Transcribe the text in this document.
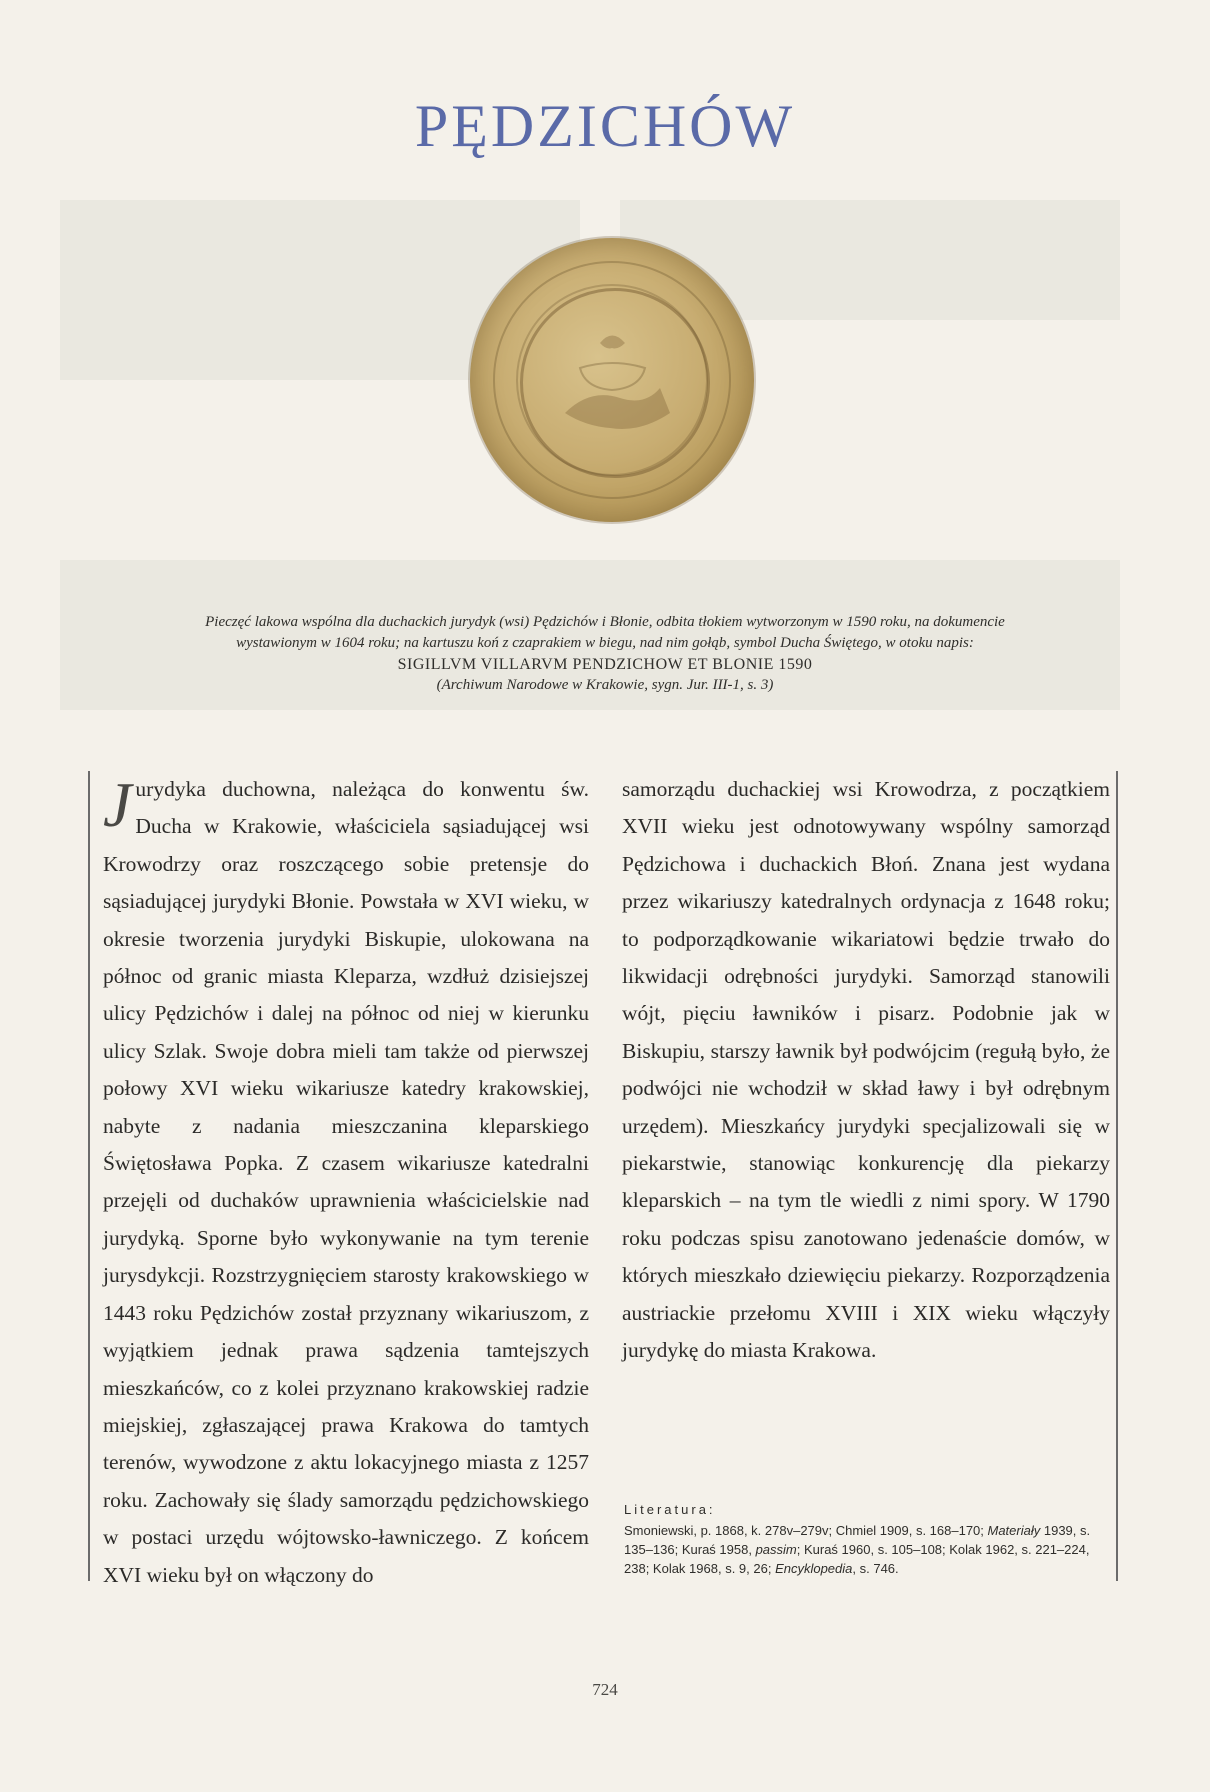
PĘDZICHÓW
Pieczęć lakowa wspólna dla duchackich jurydyk (wsi) Pędzichów i Błonie, odbita tłokiem wytworzonym w 1590 roku, na dokumencie
wystawionym w 1604 roku; na kartuszu koń z czaprakiem w biegu, nad nim gołąb, symbol Ducha Świętego, w otoku napis:
SIGILLVM VILLARVM PENDZICHOW ET BLONIE 1590
(Archiwum Narodowe w Krakowie, sygn. Jur. III-1, s. 3)
Jurydyka duchowna, należąca do konwentu św. Ducha w Krakowie, właściciela sąsiadującej wsi Krowodrzy oraz roszczącego sobie pretensje do sąsiadującej jurydyki Błonie. Powstała w XVI wieku, w okresie tworzenia jurydyki Biskupie, ulokowana na północ od granic miasta Kleparza, wzdłuż dzisiejszej ulicy Pędzichów i dalej na północ od niej w kierunku ulicy Szlak. Swoje dobra mieli tam także od pierwszej połowy XVI wieku wikariusze katedry krakowskiej, nabyte z nadania mieszczanina kleparskiego Świętosława Popka. Z czasem wikariusze katedralni przejęli od duchaków uprawnienia właścicielskie nad jurydyką. Sporne było wykonywanie na tym terenie jurysdykcji. Rozstrzygnięciem starosty krakowskiego w 1443 roku Pędzichów został przyznany wikariuszom, z wyjątkiem jednak prawa sądzenia tamtejszych mieszkańców, co z kolei przyznano krakowskiej radzie miejskiej, zgłaszającej prawa Krakowa do tamtych terenów, wywodzone z aktu lokacyjnego miasta z 1257 roku. Zachowały się ślady samorządu pędzichowskiego w postaci urzędu wójtowsko-ławniczego. Z końcem XVI wieku był on włączony do
samorządu duchackiej wsi Krowodrza, z początkiem XVII wieku jest odnotowywany wspólny samorząd Pędzichowa i duchackich Błoń. Znana jest wydana przez wikariuszy katedralnych ordynacja z 1648 roku; to podporządkowanie wikariatowi będzie trwało do likwidacji odrębności jurydyki. Samorząd stanowili wójt, pięciu ławników i pisarz. Podobnie jak w Biskupiu, starszy ławnik był podwójcim (regułą było, że podwójci nie wchodził w skład ławy i był odrębnym urzędem). Mieszkańcy jurydyki specjalizowali się w piekarstwie, stanowiąc konkurencję dla piekarzy kleparskich – na tym tle wiedli z nimi spory. W 1790 roku podczas spisu zanotowano jedenaście domów, w których mieszkało dziewięciu piekarzy. Rozporządzenia austriackie przełomu XVIII i XIX wieku włączyły jurydykę do miasta Krakowa.
Literatura:
Smoniewski, p. 1868, k. 278v–279v; Chmiel 1909, s. 168–170; Materiały 1939, s. 135–136; Kuraś 1958, passim; Kuraś 1960, s. 105–108; Kolak 1962, s. 221–224, 238; Kolak 1968, s. 9, 26; Encyklopedia, s. 746.
724
